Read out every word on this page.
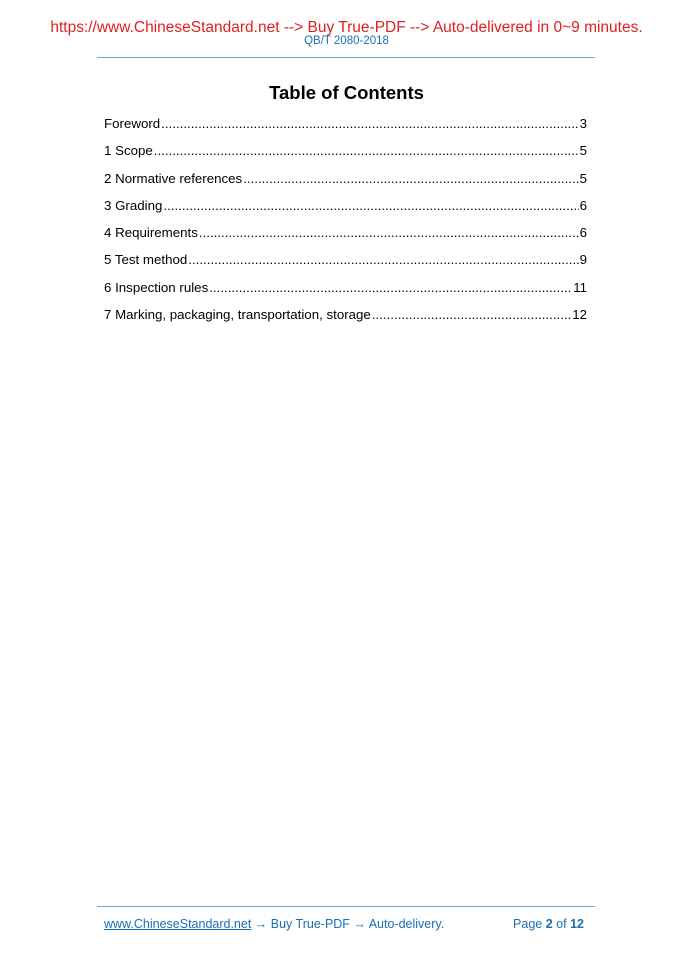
https://www.ChineseStandard.net --> Buy True-PDF --> Auto-delivered in 0~9 minutes.
QB/T 2080-2018
Table of Contents
Foreword .....	3
1 Scope .....	5
2 Normative references .....	5
3 Grading .....	6
4 Requirements .....	6
5 Test method .....	9
6 Inspection rules .....	11
7 Marking, packaging, transportation, storage .....	12
www.ChineseStandard.net → Buy True-PDF → Auto-delivery.	Page 2 of 12
